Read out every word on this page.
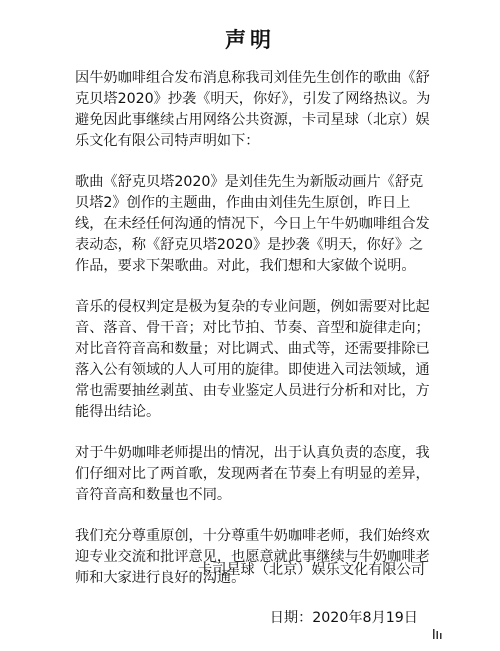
声明

因牛奶咖啡组合发布消息称我司刘佳先生创作的歌曲《舒克贝塔2020》抄袭《明天，你好》，引发了网络热议。为避免因此事继续占用网络公共资源，卡司星球（北京）娱乐文化有限公司特声明如下：

歌曲《舒克贝塔2020》是刘佳先生为新版动画片《舒克贝塔2》创作的主题曲，作曲由刘佳先生原创，昨日上线，在未经任何沟通的情况下，今日上午牛奶咖啡组合发表动态，称《舒克贝塔2020》是抄袭《明天，你好》之作品，要求下架歌曲。对此，我们想和大家做个说明。

音乐的侵权判定是极为复杂的专业问题，例如需要对比起音、落音、骨干音；对比节拍、节奏、音型和旋律走向；对比音符音高和数量；对比调式、曲式等，还需要排除已落入公有领域的人人可用的旋律。即使进入司法领域，通常也需要抽丝剥茧、由专业鉴定人员进行分析和对比，方能得出结论。

对于牛奶咖啡老师提出的情况，出于认真负责的态度，我们仔细对比了两首歌，发现两者在节奏上有明显的差异，音符音高和数量也不同。

我们充分尊重原创，十分尊重牛奶咖啡老师，我们始终欢迎专业交流和批评意见，也愿意就此事继续与牛奶咖啡老师和大家进行良好的沟通。

卡司星球（北京）娱乐文化有限公司
日期：2020年8月19日
